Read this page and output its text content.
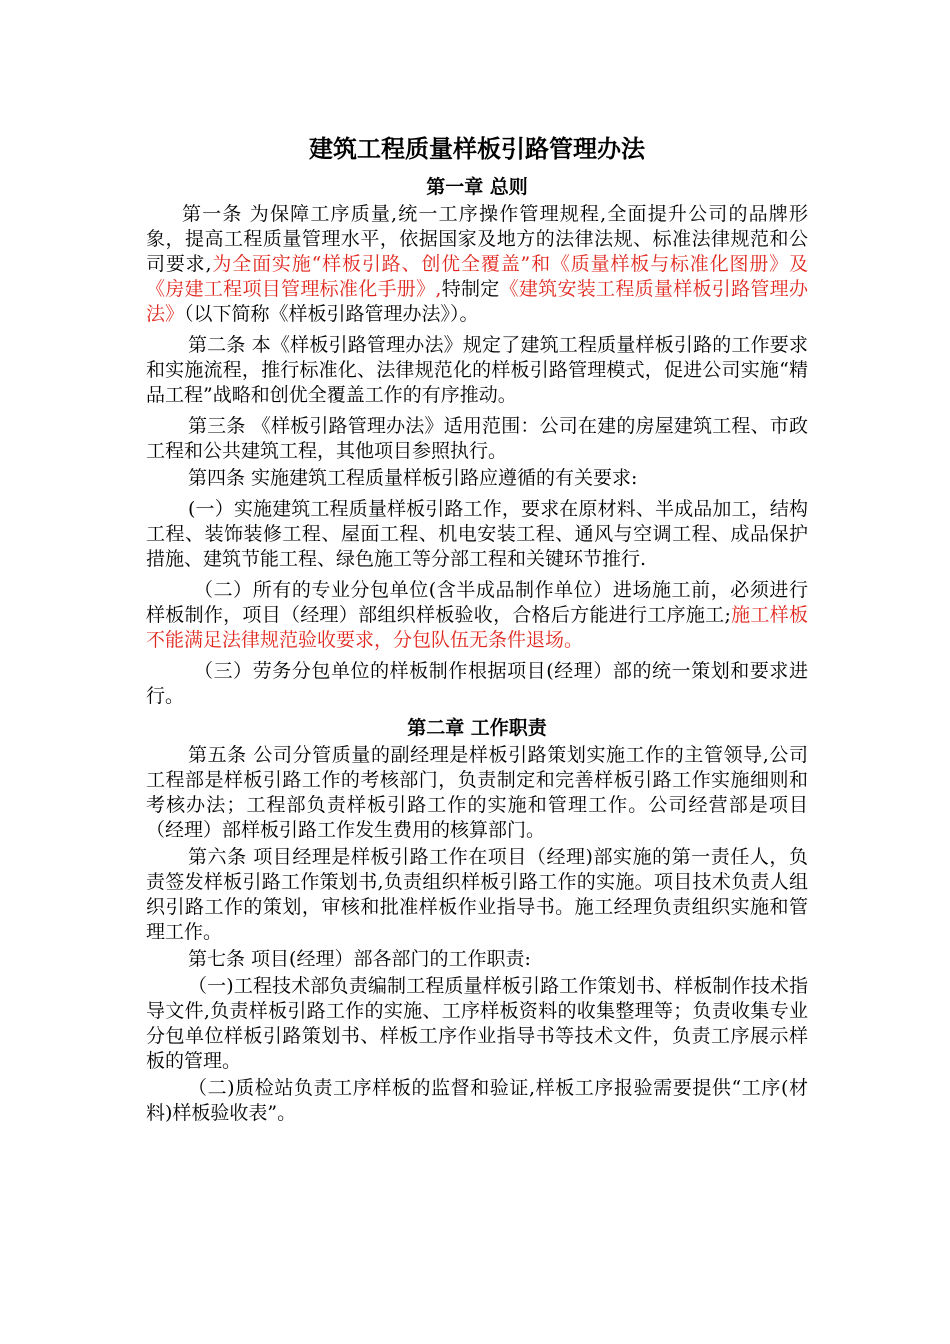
建筑工程质量样板引路管理办法
第一章 总则

第一条 为保障工序质量,统一工序操作管理规程,全面提升公司的品牌形象，提高工程质量管理水平，依据国家及地方的法律法规、标准法律规范和公司要求,为全面实施“样板引路、创优全覆盖”和《质量样板与标准化图册》及《房建工程项目管理标准化手册》,特制定《建筑安装工程质量样板引路管理办法》（以下简称《样板引路管理办法》）。

第二条 本《样板引路管理办法》规定了建筑工程质量样板引路的工作要求和实施流程，推行标准化、法律规范化的样板引路管理模式，促进公司实施“精品工程”战略和创优全覆盖工作的有序推动。

第三条 《样板引路管理办法》适用范围：公司在建的房屋建筑工程、市政工程和公共建筑工程，其他项目参照执行。

第四条 实施建筑工程质量样板引路应遵循的有关要求:

(一）实施建筑工程质量样板引路工作，要求在原材料、半成品加工，结构工程、装饰装修工程、屋面工程、机电安装工程、通风与空调工程、成品保护措施、建筑节能工程、绿色施工等分部工程和关键环节推行.

（二）所有的专业分包单位(含半成品制作单位）进场施工前，必须进行样板制作，项目（经理）部组织样板验收，合格后方能进行工序施工;施工样板不能满足法律规范验收要求，分包队伍无条件退场。

（三）劳务分包单位的样板制作根据项目(经理）部的统一策划和要求进行。

第二章 工作职责

第五条 公司分管质量的副经理是样板引路策划实施工作的主管领导,公司工程部是样板引路工作的考核部门，负责制定和完善样板引路工作实施细则和考核办法；工程部负责样板引路工作的实施和管理工作。公司经营部是项目（经理）部样板引路工作发生费用的核算部门。

第六条 项目经理是样板引路工作在项目（经理)部实施的第一责任人，负责签发样板引路工作策划书,负责组织样板引路工作的实施。项目技术负责人组织引路工作的策划，审核和批准样板作业指导书。施工经理负责组织实施和管理工作。

第七条 项目(经理）部各部门的工作职责:

（一)工程技术部负责编制工程质量样板引路工作策划书、样板制作技术指导文件,负责样板引路工作的实施、工序样板资料的收集整理等；负责收集专业分包单位样板引路策划书、样板工序作业指导书等技术文件，负责工序展示样板的管理。

（二)质检站负责工序样板的监督和验证,样板工序报验需要提供“工序(材料)样板验收表”。
